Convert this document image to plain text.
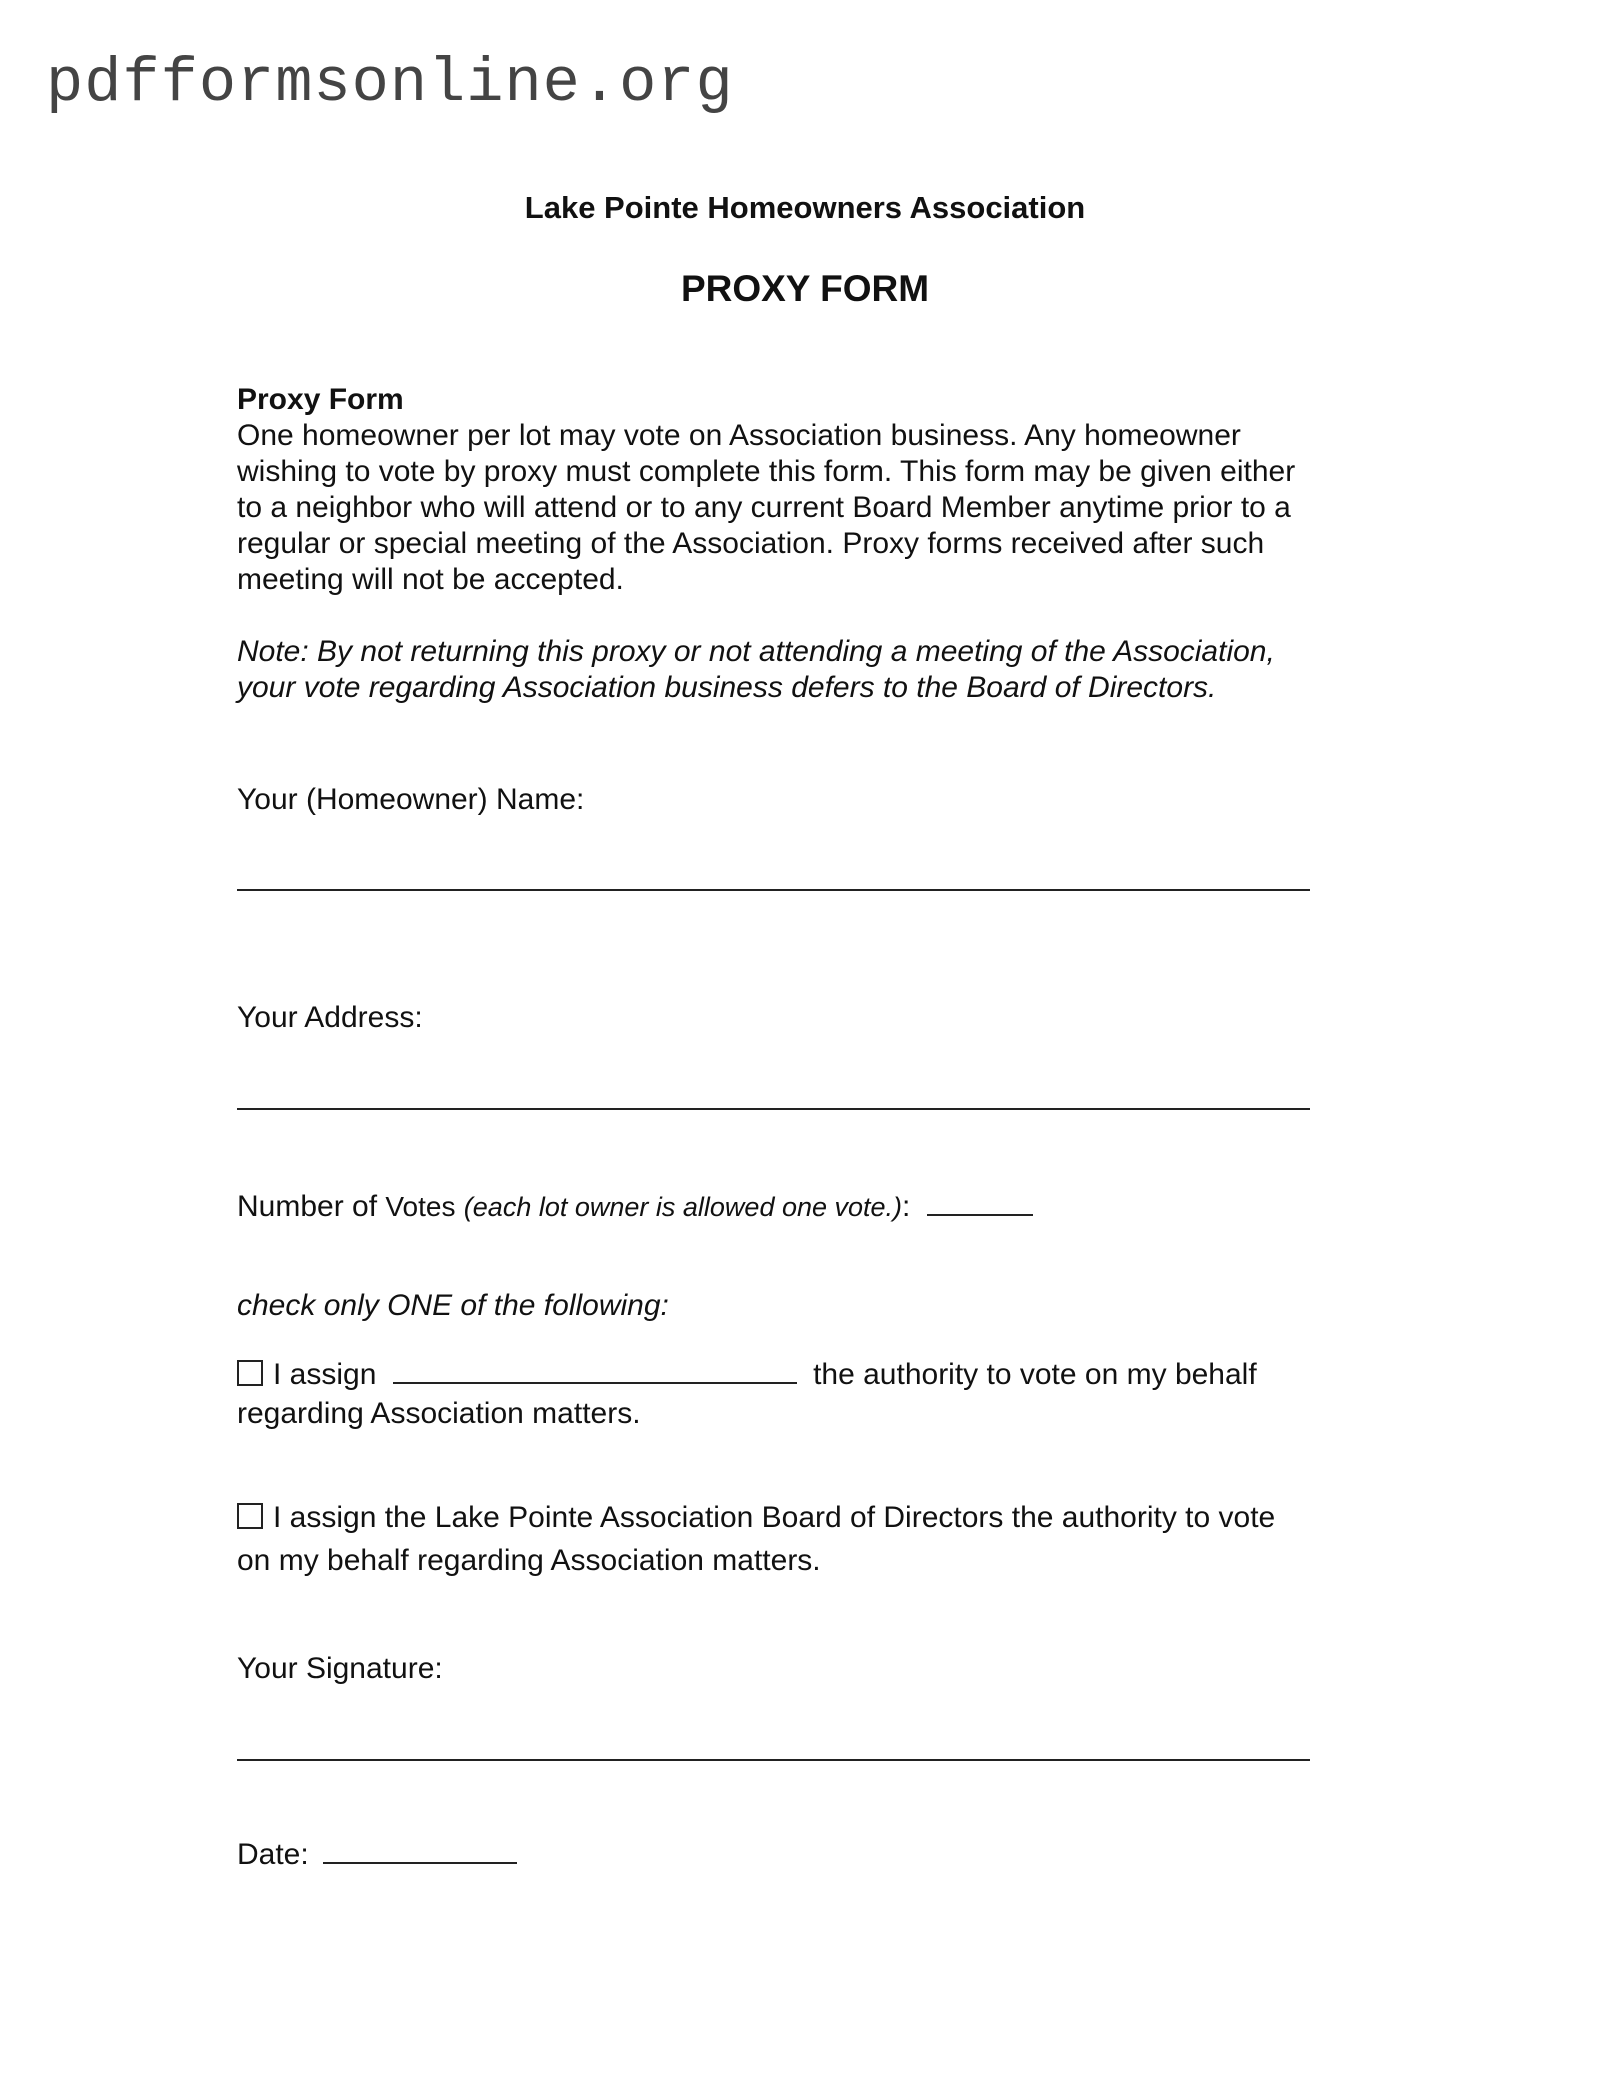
pdfformsonline.org
Lake Pointe Homeowners Association
PROXY FORM
Proxy Form
One homeowner per lot may vote on Association business. Any homeowner
wishing to vote by proxy must complete this form. This form may be given either
to a neighbor who will attend or to any current Board Member anytime prior to a
regular or special meeting of the Association. Proxy forms received after such
meeting will not be accepted.
Note: By not returning this proxy or not attending a meeting of the Association,
your vote regarding Association business defers to the Board of Directors.
Your (Homeowner) Name:
Your Address:
Number of Votes (each lot owner is allowed one vote.):
check only ONE of the following:
I assign	the authority to vote on my behalf
regarding Association matters.
I assign the Lake Pointe Association Board of Directors the authority to vote
on my behalf regarding Association matters.
Your Signature:
Date:
